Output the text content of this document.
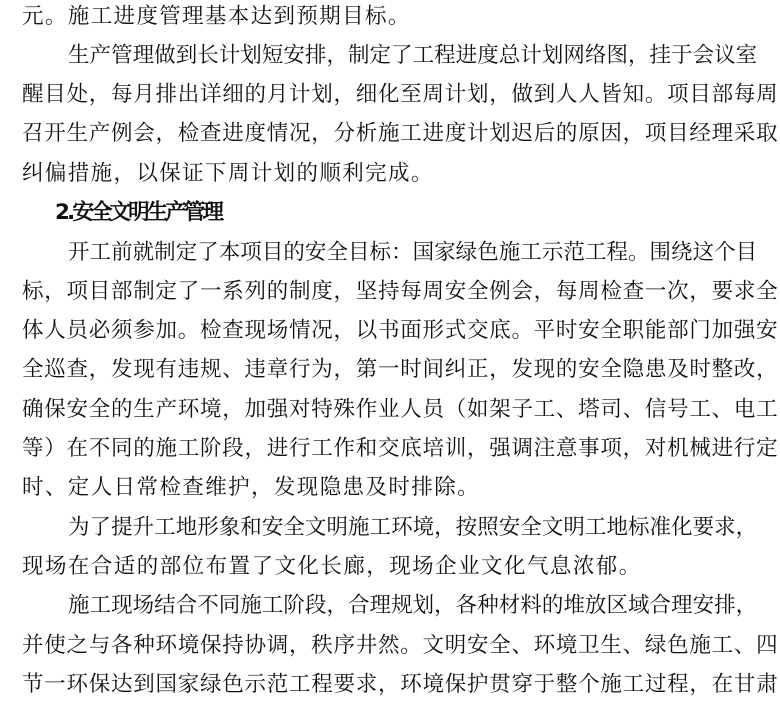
元。施工进度管理基本达到预期目标。
生产管理做到长计划短安排，制定了工程进度总计划网络图，挂于会议室
醒目处，每月排出详细的月计划，细化至周计划，做到人人皆知。项目部每周
召开生产例会，检查进度情况，分析施工进度计划迟后的原因，项目经理采取
纠偏措施，以保证下周计划的顺利完成。
2.安全文明生产管理
开工前就制定了本项目的安全目标：国家绿色施工示范工程。围绕这个目
标，项目部制定了一系列的制度，坚持每周安全例会，每周检查一次，要求全
体人员必须参加。检查现场情况，以书面形式交底。平时安全职能部门加强安
全巡查，发现有违规、违章行为，第一时间纠正，发现的安全隐患及时整改，
确保安全的生产环境，加强对特殊作业人员（如架子工、塔司、信号工、电工
等）在不同的施工阶段，进行工作和交底培训，强调注意事项，对机械进行定
时、定人日常检查维护，发现隐患及时排除。
为了提升工地形象和安全文明施工环境，按照安全文明工地标准化要求，
现场在合适的部位布置了文化长廊，现场企业文化气息浓郁。
施工现场结合不同施工阶段，合理规划，各种材料的堆放区域合理安排，
并使之与各种环境保持协调，秩序井然。文明安全、环境卫生、绿色施工、四
节一环保达到国家绿色示范工程要求，环境保护贯穿于整个施工过程，在甘肃
